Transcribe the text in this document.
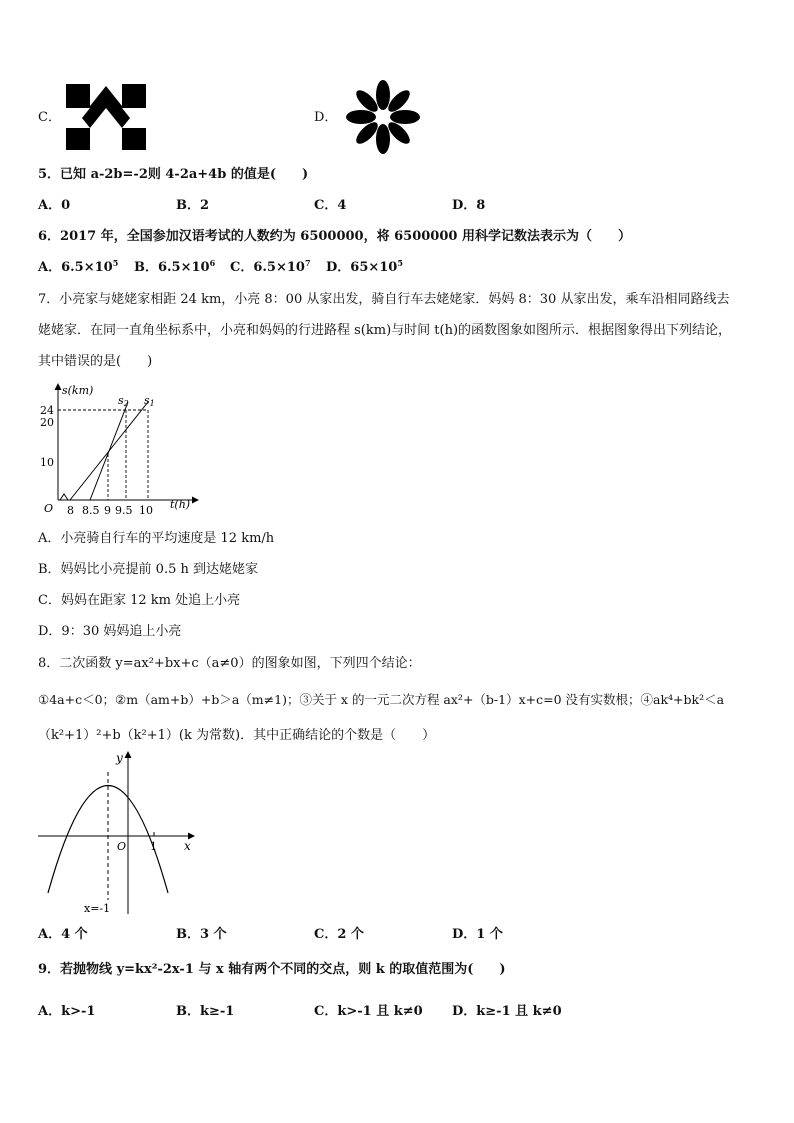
C．	D．
5．已知 a-2b=-2则 4-2a+4b 的值是(　　)
A．0	B．2	C．4	D．8
6．2017 年，全国参加汉语考试的人数约为 6500000，将 6500000 用科学记数法表示为（　　）
A．$6.5\times 10^5$ B．$6.5\times 10^6$ C．$6.5\times 10^7$ D．$65\times 10^5$
7．小亮家与姥姥家相距 24 km，小亮 8：00 从家出发，骑自行车去姥姥家．妈妈 8：30 从家出发，乘车沿相同路线去
姥姥家．在同一直角坐标系中，小亮和妈妈的行进路程 s(km)与时间 t(h)的函数图象如图所示．根据图象得出下列结论，
其中错误的是(　　)
s(km)
t(h)
O
24
20
10
8 8.5 9 9.5 10
s2 s1
A．小亮骑自行车的平均速度是 12 km/h
B．妈妈比小亮提前 0.5 h 到达姥姥家
C．妈妈在距家 12 km 处追上小亮
D．9：30 妈妈追上小亮
8．二次函数 y=ax²+bx+c（a≠0）的图象如图，下列四个结论：
①4a+c＜0；②m（am+b）+b＞a（m≠1)；③关于 x 的一元二次方程 ax²+（b-1）x+c=0 没有实数根；④ak⁴+bk²＜a
（k²+1）²+b（k²+1）(k 为常数)．其中正确结论的个数是（　　）
y
x
O 1
x=-1
A．4 个	B．3 个	C．2 个	D．1 个
9．若抛物线 y=kx²-2x-1 与 x 轴有两个不同的交点，则 k 的取值范围为(　　)
A．k>-1	B．k≥-1	C．k>-1 且 k≠0 D．k≥-1 且 k≠0
